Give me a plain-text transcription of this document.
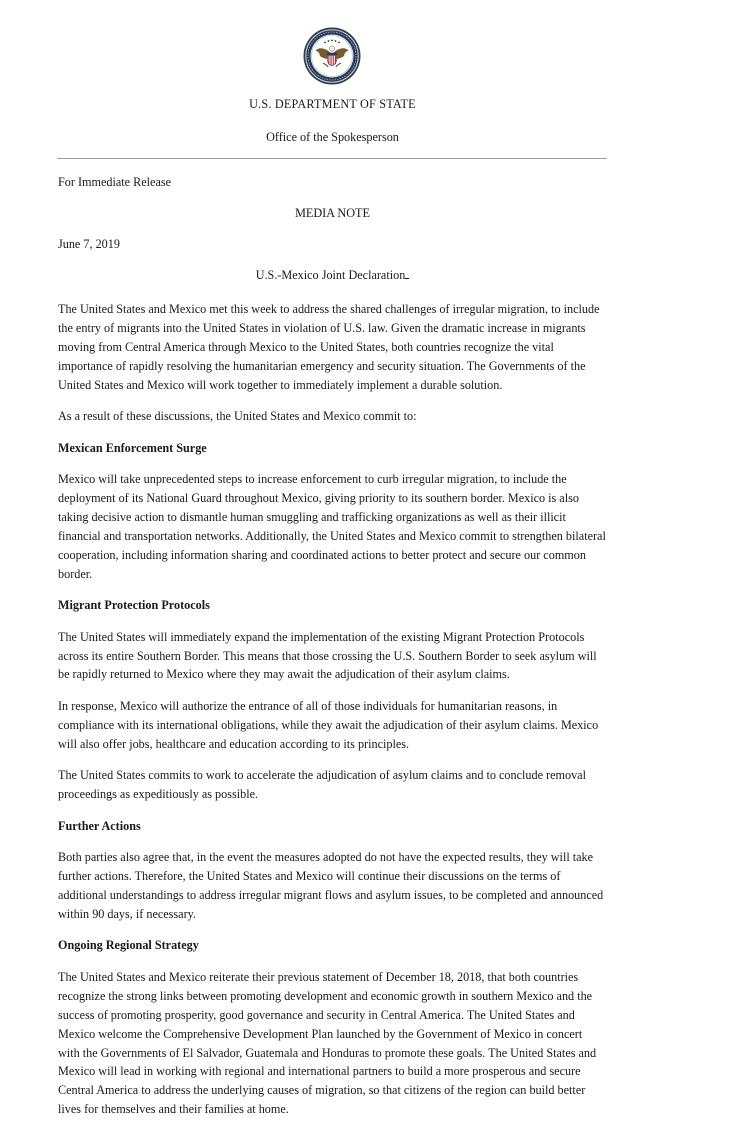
U.S. DEPARTMENT OF STATE
Office of the Spokesperson
For Immediate Release
MEDIA NOTE
June 7, 2019
U.S.-Mexico Joint Declaration

The United States and Mexico met this week to address the shared challenges of irregular migration, to include the entry of migrants into the United States in violation of U.S. law. Given the dramatic increase in migrants moving from Central America through Mexico to the United States, both countries recognize the vital importance of rapidly resolving the humanitarian emergency and security situation. The Governments of the United States and Mexico will work together to immediately implement a durable solution.

As a result of these discussions, the United States and Mexico commit to:

Mexican Enforcement Surge

Mexico will take unprecedented steps to increase enforcement to curb irregular migration, to include the deployment of its National Guard throughout Mexico, giving priority to its southern border. Mexico is also taking decisive action to dismantle human smuggling and trafficking organizations as well as their illicit financial and transportation networks. Additionally, the United States and Mexico commit to strengthen bilateral cooperation, including information sharing and coordinated actions to better protect and secure our common border.

Migrant Protection Protocols

The United States will immediately expand the implementation of the existing Migrant Protection Protocols across its entire Southern Border. This means that those crossing the U.S. Southern Border to seek asylum will be rapidly returned to Mexico where they may await the adjudication of their asylum claims.

In response, Mexico will authorize the entrance of all of those individuals for humanitarian reasons, in compliance with its international obligations, while they await the adjudication of their asylum claims. Mexico will also offer jobs, healthcare and education according to its principles.

The United States commits to work to accelerate the adjudication of asylum claims and to conclude removal proceedings as expeditiously as possible.

Further Actions

Both parties also agree that, in the event the measures adopted do not have the expected results, they will take further actions. Therefore, the United States and Mexico will continue their discussions on the terms of additional understandings to address irregular migrant flows and asylum issues, to be completed and announced within 90 days, if necessary.

Ongoing Regional Strategy

The United States and Mexico reiterate their previous statement of December 18, 2018, that both countries recognize the strong links between promoting development and economic growth in southern Mexico and the success of promoting prosperity, good governance and security in Central America. The United States and Mexico welcome the Comprehensive Development Plan launched by the Government of Mexico in concert with the Governments of El Salvador, Guatemala and Honduras to promote these goals. The United States and Mexico will lead in working with regional and international partners to build a more prosperous and secure Central America to address the underlying causes of migration, so that citizens of the region can build better lives for themselves and their families at home.
